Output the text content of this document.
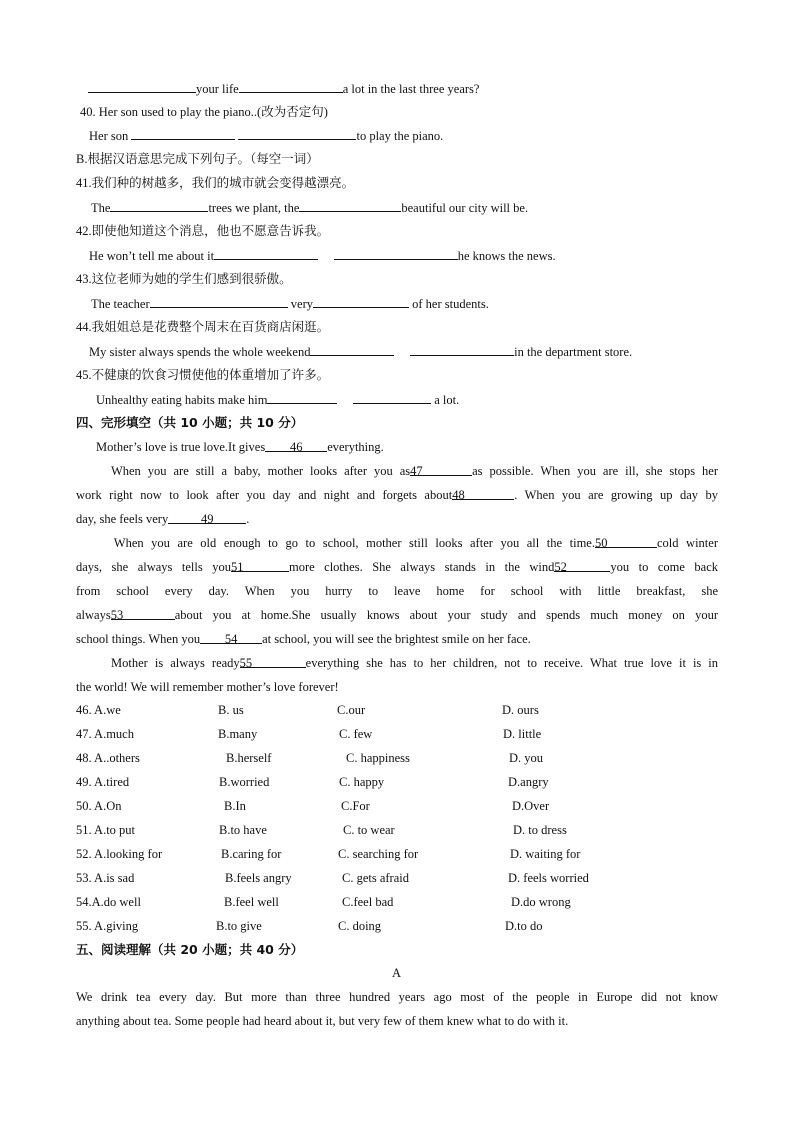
your life	a lot in the last three years?
40. Her son used to play the piano..(改为否定句)
Her son	to play the piano.
B.根据汉语意思完成下列句子。（每空一词）
41.我们种的树越多，我们的城市就会变得越漂亮。
The	trees we plant, the	beautiful our city will be.
42.即使他知道这个消息，他也不愿意告诉我。
He won’t tell me about it	he knows the news.
43.这位老师为她的学生们感到很骄傲。
The teacher	very	of her students.
44.我姐姐总是花费整个周末在百货商店闲逛。
My sister always spends the whole weekend	in the department store.
45.不健康的饮食习惯使他的体重增加了许多。
Unhealthy eating habits make him	a lot.
四、完形填空（共 10 小题；共 10 分）
Mother’s love is true love.It gives 46 everything.
When you are still a baby, mother looks after you as47	as possible. When you are ill, she stops her
work right now to look after you day and night and forgets about48	. When you are growing up day by
day, she feels very	49	.
When you are old enough to go to school, mother still looks after you all the time.50	cold winter
days, she always tells you51	more clothes. She always stands in the wind52	you to come back
from school every day. When you hurry to leave home for school with little breakfast, she
always53	about you at home.She usually knows about your study and spends much money on your
school things. When you 54 at school, you will see the brightest smile on her face.
Mother is always ready55	everything she has to her children, not to receive. What true love it is in
the world! We will remember mother’s love forever!
46. A.we	B. us	C.our	D. ours
47. A.much	B.many	C. few	D. little
48. A..others	B.herself	C. happiness	D. you
49. A.tired	B.worried	C. happy	D.angry
50. A.On	B.In	C.For	D.Over
51. A.to put	B.to have	C. to wear	D. to dress
52. A.looking for	B.caring for	C. searching for	D. waiting for
53. A.is sad	B.feels angry	C. gets afraid	D. feels worried
54.A.do well	B.feel well	C.feel bad	D.do wrong
55. A.giving	B.to give	C. doing	D.to do
五、阅读理解（共 20 小题；共 40 分）
A
We drink tea every day. But more than three hundred years ago most of the people in Europe did not know
anything about tea. Some people had heard about it, but very few of them knew what to do with it.
